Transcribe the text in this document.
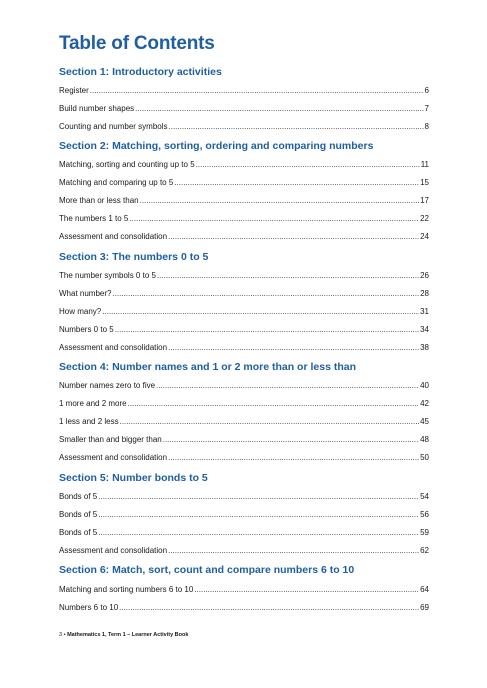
Table of Contents
Section 1: Introductory activities
Register .....	6
Build number shapes .....	7
Counting and number symbols .....	8
Section 2: Matching, sorting, ordering and comparing numbers
Matching, sorting and counting up to 5 .....	11
Matching and comparing up to 5 .....	15
More than or less than .....	17
The numbers 1 to 5 .....	22
Assessment and consolidation .....	24
Section 3: The numbers 0 to 5
The number symbols 0 to 5 .....	26
What number? .....	28
How many? .....	31
Numbers 0 to 5 .....	34
Assessment and consolidation .....	38
Section 4: Number names and 1 or 2 more than or less than
Number names zero to five .....	40
1 more and 2 more .....	42
1 less and 2 less .....	45
Smaller than and bigger than .....	48
Assessment and consolidation .....	50
Section 5: Number bonds to 5
Bonds of 5 .....	54
Bonds of 5 .....	56
Bonds of 5 .....	59
Assessment and consolidation .....	62
Section 6: Match, sort, count and compare numbers 6 to 10
Matching and sorting numbers 6 to 10 .....	64
Numbers 6 to 10 .....	69
3 • Mathematics 1, Term 1 – Learner Activity Book
